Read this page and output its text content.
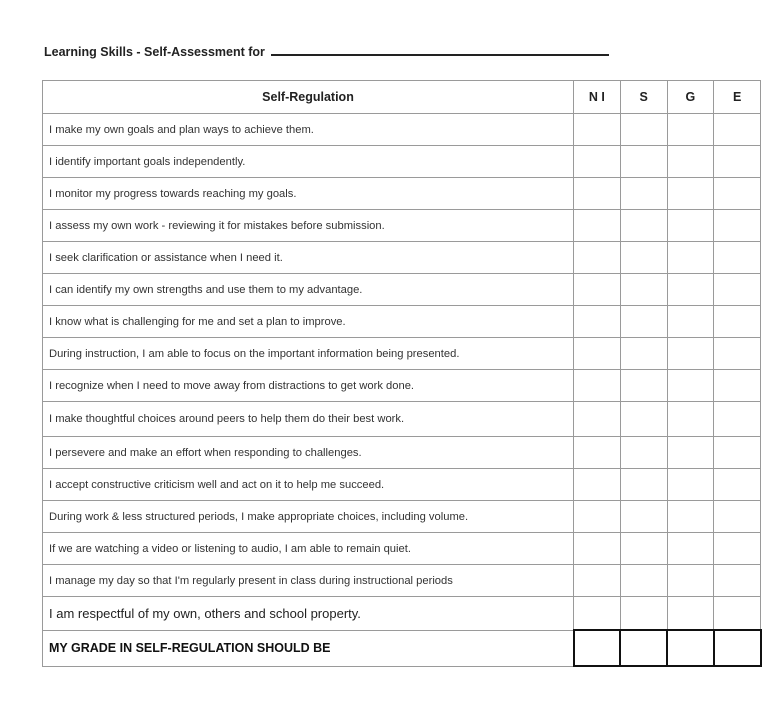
Learning Skills - Self-Assessment for
Self-Regulation	N I	S	G	E
I make my own goals and plan ways to achieve them.				
I identify important goals independently.				
I monitor my progress towards reaching my goals.				
I assess my own work - reviewing it for mistakes before submission.				
I seek clarification or assistance when I need it.				
I can identify my own strengths and use them to my advantage.				
I know what is challenging for me and set a plan to improve.				
During instruction, I am able to focus on the important information being presented.				
I recognize when I need to move away from distractions to get work done.				
I make thoughtful choices around peers to help them do their best work.				
I persevere and make an effort when responding to challenges.				
I accept constructive criticism well and act on it to help me succeed.				
During work & less structured periods, I make appropriate choices, including volume.				
If we are watching a video or listening to audio, I am able to remain quiet.				
I manage my day so that I'm regularly present in class during instructional periods				
I am respectful of my own, others and school property.				
MY GRADE IN SELF-REGULATION SHOULD BE				
